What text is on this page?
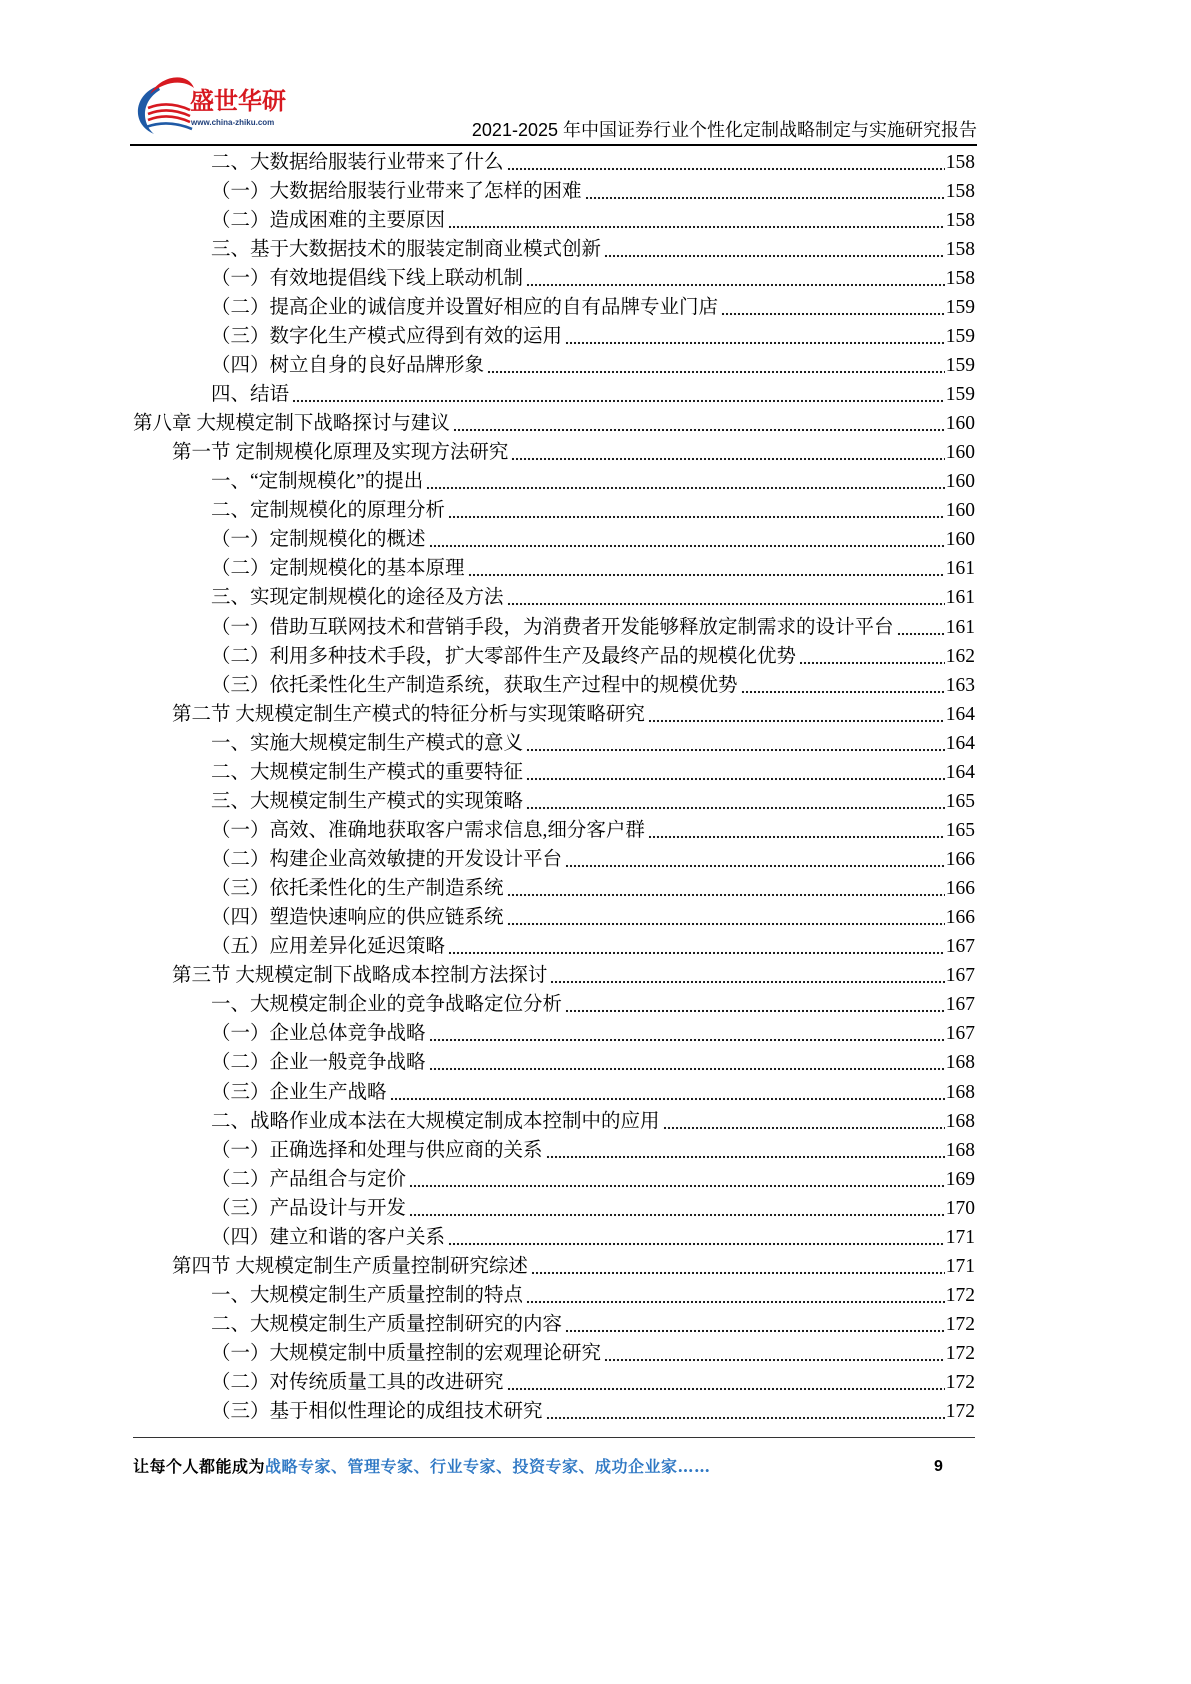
盛世华研
www.china-zhiku.com	2021-2025 年中国证券行业个性化定制战略制定与实施研究报告
二、大数据给服装行业带来了什么	158
（一）大数据给服装行业带来了怎样的困难	158
（二）造成困难的主要原因	158
三、基于大数据技术的服装定制商业模式创新	158
（一）有效地提倡线下线上联动机制	158
（二）提高企业的诚信度并设置好相应的自有品牌专业门店	159
（三）数字化生产模式应得到有效的运用	159
（四）树立自身的良好品牌形象	159
四、结语	159
第八章 大规模定制下战略探讨与建议	160
第一节 定制规模化原理及实现方法研究	160
一、“定制规模化”的提出	160
二、定制规模化的原理分析	160
（一）定制规模化的概述	160
（二）定制规模化的基本原理	161
三、实现定制规模化的途径及方法	161
（一）借助互联网技术和营销手段，为消费者开发能够释放定制需求的设计平台	161
（二）利用多种技术手段，扩大零部件生产及最终产品的规模化优势	162
（三）依托柔性化生产制造系统，获取生产过程中的规模优势	163
第二节 大规模定制生产模式的特征分析与实现策略研究	164
一、实施大规模定制生产模式的意义	164
二、大规模定制生产模式的重要特征	164
三、大规模定制生产模式的实现策略	165
（一）高效、准确地获取客户需求信息,细分客户群	165
（二）构建企业高效敏捷的开发设计平台	166
（三）依托柔性化的生产制造系统	166
（四）塑造快速响应的供应链系统	166
（五）应用差异化延迟策略	167
第三节 大规模定制下战略成本控制方法探讨	167
一、大规模定制企业的竞争战略定位分析	167
（一）企业总体竞争战略	167
（二）企业一般竞争战略	168
（三）企业生产战略	168
二、战略作业成本法在大规模定制成本控制中的应用	168
（一）正确选择和处理与供应商的关系	168
（二）产品组合与定价	169
（三）产品设计与开发	170
（四）建立和谐的客户关系	171
第四节 大规模定制生产质量控制研究综述	171
一、大规模定制生产质量控制的特点	172
二、大规模定制生产质量控制研究的内容	172
（一）大规模定制中质量控制的宏观理论研究	172
（二）对传统质量工具的改进研究	172
（三）基于相似性理论的成组技术研究	172
让每个人都能成为战略专家、管理专家、行业专家、投资专家、成功企业家……	9
